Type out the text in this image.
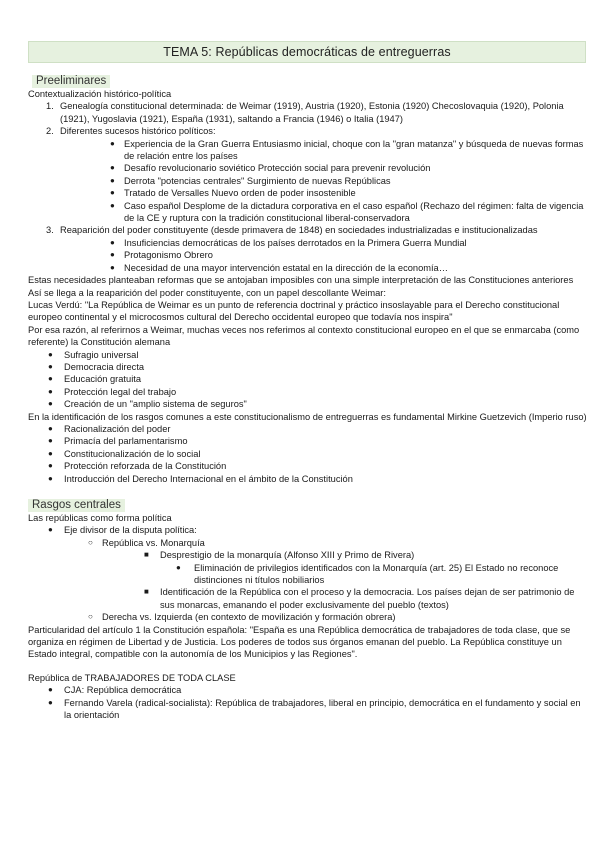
TEMA 5: Repúblicas democráticas de entreguerras
Preeliminares

Contextualización histórico-política

1. Genealogía constitucional determinada: de Weimar (1919), Austria (1920), Estonia (1920) Checoslovaquia (1920), Polonia (1921), Yugoslavia (1921), España (1931), saltando a Francia (1946) o Italia (1947)
2. Diferentes sucesos histórico políticos:
● Experiencia de la Gran Guerra Entusiasmo inicial, choque con la "gran matanza" y búsqueda de nuevas formas de relación entre los países
● Desafío revolucionario soviético Protección social para prevenir revolución
● Derrota "potencias centrales" Surgimiento de nuevas Repúblicas
● Tratado de Versalles Nuevo orden de poder insostenible
● Caso español Desplome de la dictadura corporativa en el caso español (Rechazo del régimen: falta de vigencia de la CE y ruptura con la tradición constitucional liberal-conservadora
3. Reaparición del poder constituyente (desde primavera de 1848) en sociedades industrializadas e institucionalizadas
● Insuficiencias democráticas de los países derrotados en la Primera Guerra Mundial
● Protagonismo Obrero
● Necesidad de una mayor intervención estatal en la dirección de la economía…

Estas necesidades planteaban reformas que se antojaban imposibles con una simple interpretación de las Constituciones anteriores

Así se llega a la reaparición del poder constituyente, con un papel descollante Weimar:

Lucas Verdú: "La República de Weimar es un punto de referencia doctrinal y práctico insoslayable para el Derecho constitucional europeo continental y el microcosmos cultural del Derecho occidental europeo que todavía nos inspira"

Por esa razón, al referirnos a Weimar, muchas veces nos referimos al contexto constitucional europeo en el que se enmarcaba (como referente) la Constitución alemana

● Sufragio universal
● Democracia directa
● Educación gratuita
● Protección legal del trabajo
● Creación de un "amplio sistema de seguros"

En la identificación de los rasgos comunes a este constitucionalismo de entreguerras es fundamental Mirkine Guetzevich (Imperio ruso)

● Racionalización del poder
● Primacía del parlamentarismo
● Constitucionalización de lo social
● Protección reforzada de la Constitución
● Introducción del Derecho Internacional en el ámbito de la Constitución
Rasgos centrales

Las repúblicas como forma política

● Eje divisor de la disputa política:
○ República vs. Monarquía
■ Desprestigio de la monarquía (Alfonso XIII y Primo de Rivera)
● Eliminación de privilegios identificados con la Monarquía (art. 25) El Estado no reconoce distinciones ni títulos nobiliarios
■ Identificación de la República con el proceso y la democracia. Los países dejan de ser patrimonio de sus monarcas, emanando el poder exclusivamente del pueblo (textos)
○ Derecha vs. Izquierda (en contexto de movilización y formación obrera)

Particularidad del artículo 1 la Constitución española: "España es una República democrática de trabajadores de toda clase, que se organiza en régimen de Libertad y de Justicia. Los poderes de todos sus órganos emanan del pueblo. La República constituye un Estado integral, compatible con la autonomía de los Municipios y las Regiones".

República de TRABAJADORES DE TODA CLASE

● CJA: República democrática
● Fernando Varela (radical-socialista): República de trabajadores, liberal en principio, democrática en el fundamento y social en la orientación
